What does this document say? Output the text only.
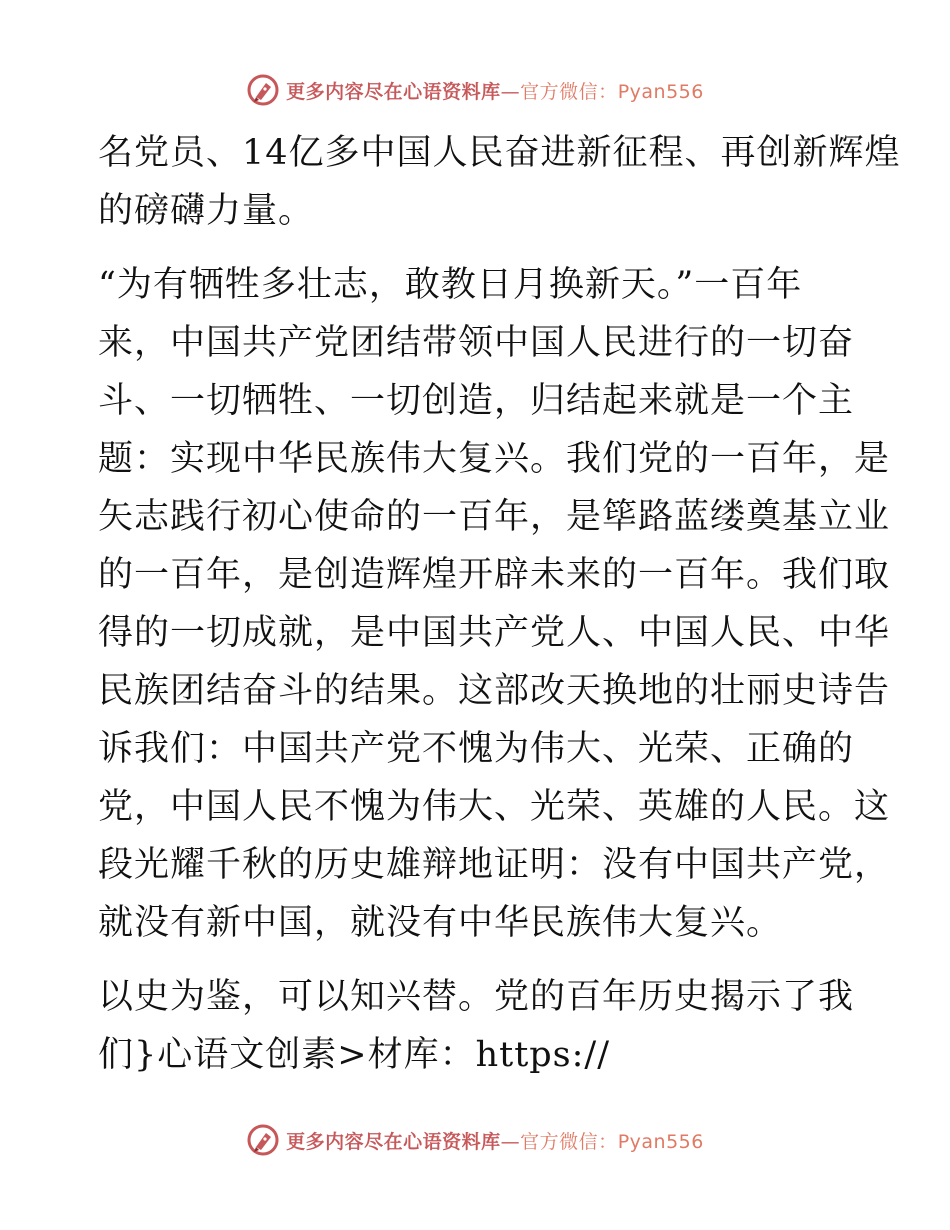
更多内容尽在心语资料库—官方微信：Pyan556
名党员、14亿多中国人民奋进新征程、再创新辉煌
的磅礴力量。
“为有牺牲多壮志，敢教日月换新天。”一百年
来，中国共产党团结带领中国人民进行的一切奋
斗、一切牺牲、一切创造，归结起来就是一个主
题：实现中华民族伟大复兴。我们党的一百年，是
矢志践行初心使命的一百年，是筚路蓝缕奠基立业
的一百年，是创造辉煌开辟未来的一百年。我们取
得的一切成就，是中国共产党人、中国人民、中华
民族团结奋斗的结果。这部改天换地的壮丽史诗告
诉我们：中国共产党不愧为伟大、光荣、正确的
党，中国人民不愧为伟大、光荣、英雄的人民。这
段光耀千秋的历史雄辩地证明：没有中国共产党，
就没有新中国，就没有中华民族伟大复兴。
以史为鉴，可以知兴替。党的百年历史揭示了我
们}心语文创素>材库：https://
更多内容尽在心语资料库—官方微信：Pyan556
